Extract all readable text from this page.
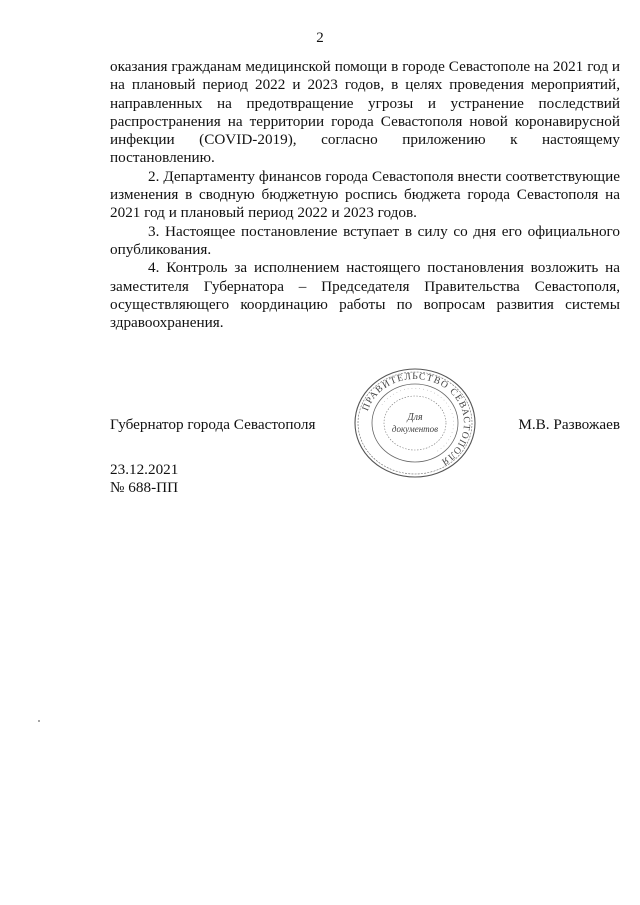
2

оказания гражданам медицинской помощи в городе Севастополе на 2021 год и на плановый период 2022 и 2023 годов, в целях проведения мероприятий, направленных на предотвращение угрозы и устранение последствий распространения на территории города Севастополя новой коронавирусной инфекции (COVID-2019), согласно приложению к настоящему постановлению.

2. Департаменту финансов города Севастополя внести соответствующие изменения в сводную бюджетную роспись бюджета города Севастополя на 2021 год и плановый период 2022 и 2023 годов.

3. Настоящее постановление вступает в силу со дня его официального опубликования.

4. Контроль за исполнением настоящего постановления возложить на заместителя Губернатора – Председателя Правительства Севастополя, осуществляющего координацию работы по вопросам развития системы здравоохранения.

Губернатор города Севастополя
ПРАВИТЕЛЬСТВО СЕВАСТОПОЛЯ
· · · · · · · · · · · · · · · · · · · · · · · · · · · · · · · · · ·
Для
документов	М.В. Развожаев
23.12.2021
№ 688-ПП
